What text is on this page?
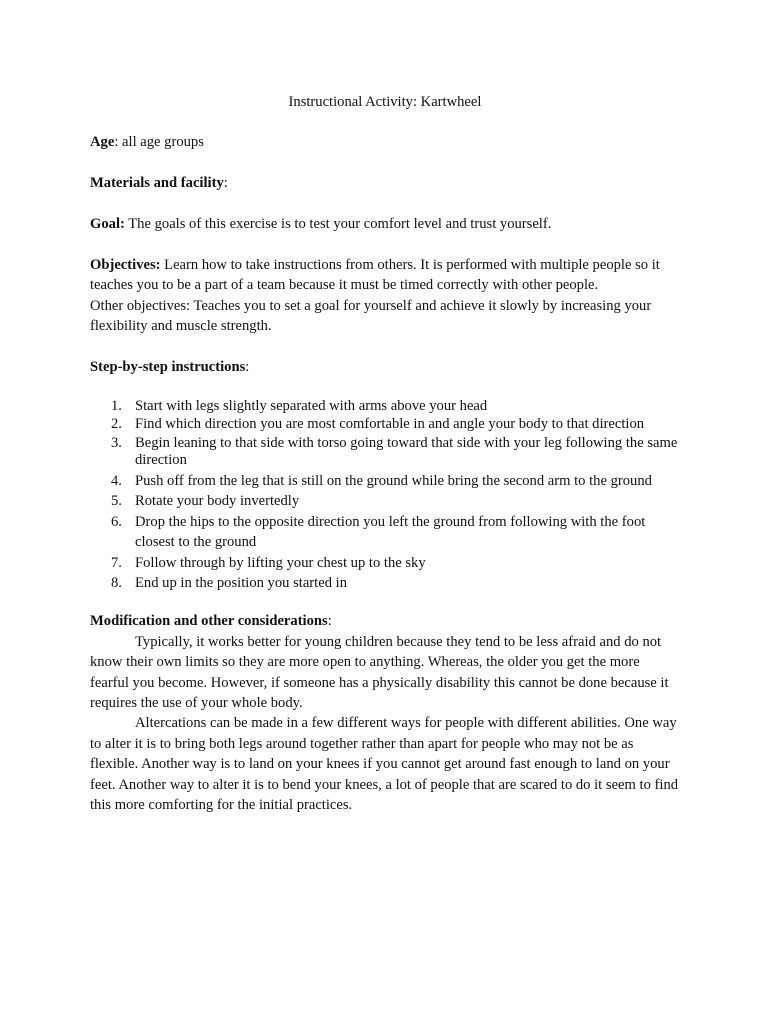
Instructional Activity: Kartwheel

Age: all age groups

Materials and facility:

Goal: The goals of this exercise is to test your comfort level and trust yourself.

Objectives: Learn how to take instructions from others. It is performed with multiple people so it teaches you to be a part of a team because it must be timed correctly with other people.

Other objectives: Teaches you to set a goal for yourself and achieve it slowly by increasing your flexibility and muscle strength.

Step-by-step instructions:

1. Start with legs slightly separated with arms above your head
2. Find which direction you are most comfortable in and angle your body to that direction
3. Begin leaning to that side with torso going toward that side with your leg following the same direction
4. Push off from the leg that is still on the ground while bring the second arm to the ground
5. Rotate your body invertedly
6. Drop the hips to the opposite direction you left the ground from following with the foot closest to the ground
7. Follow through by lifting your chest up to the sky
8. End up in the position you started in

Modification and other considerations:

Typically, it works better for young children because they tend to be less afraid and do not know their own limits so they are more open to anything. Whereas, the older you get the more fearful you become. However, if someone has a physically disability this cannot be done because it requires the use of your whole body.

Altercations can be made in a few different ways for people with different abilities. One way to alter it is to bring both legs around together rather than apart for people who may not be as flexible. Another way is to land on your knees if you cannot get around fast enough to land on your feet. Another way to alter it is to bend your knees, a lot of people that are scared to do it seem to find this more comforting for the initial practices.
